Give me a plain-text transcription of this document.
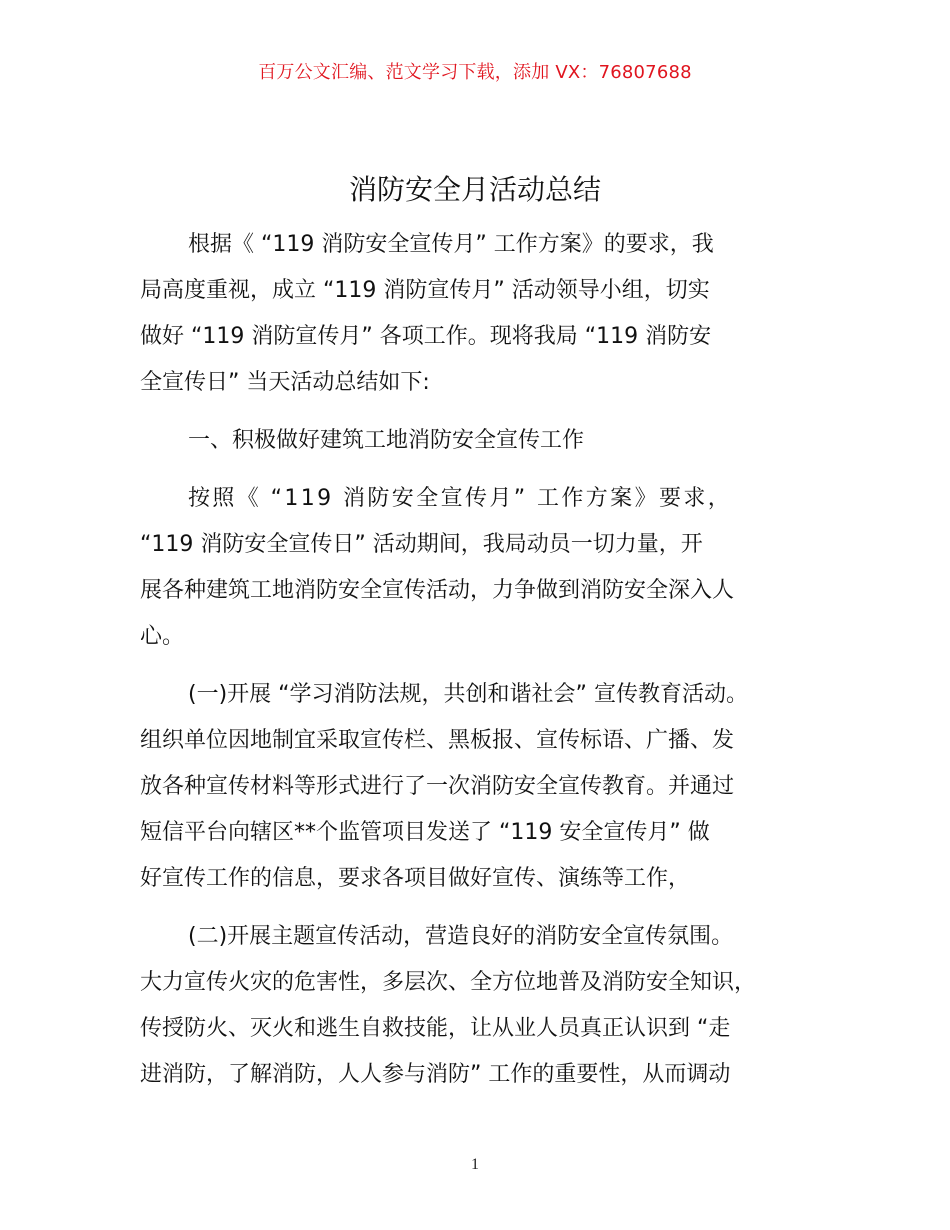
百万公文汇编、范文学习下载，添加 VX：76807688
消防安全月活动总结
根据《 “119 消防安全宣传月” 工作方案》的要求，我
局高度重视，成立 “119 消防宣传月” 活动领导小组，切实
做好 “119 消防宣传月” 各项工作。现将我局 “119 消防安
全宣传日” 当天活动总结如下:
一、积极做好建筑工地消防安全宣传工作
按照《 “119 消防安全宣传月” 工作方案》要求，
“119 消防安全宣传日” 活动期间，我局动员一切力量，开
展各种建筑工地消防安全宣传活动，力争做到消防安全深入人
心。
(一)开展 “学习消防法规，共创和谐社会” 宣传教育活动。
组织单位因地制宜采取宣传栏、黑板报、宣传标语、广播、发
放各种宣传材料等形式进行了一次消防安全宣传教育。并通过
短信平台向辖区**个监管项目发送了 “119 安全宣传月” 做
好宣传工作的信息，要求各项目做好宣传、演练等工作，
(二)开展主题宣传活动，营造良好的消防安全宣传氛围。
大力宣传火灾的危害性，多层次、全方位地普及消防安全知识，
传授防火、灭火和逃生自救技能，让从业人员真正认识到 “走
进消防，了解消防，人人参与消防” 工作的重要性，从而调动
1
